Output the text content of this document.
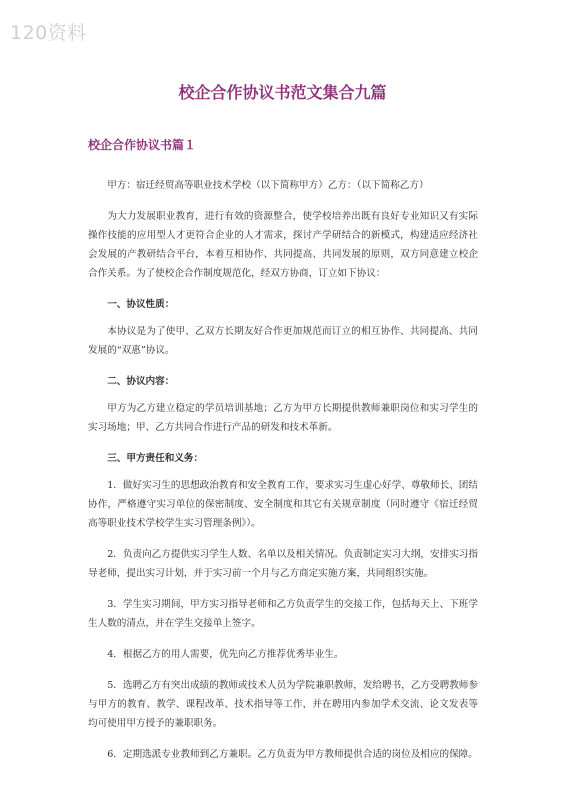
120资料
校企合作协议书范文集合九篇
校企合作协议书篇１

甲方：宿迁经贸高等职业技术学校（以下简称甲方）乙方：（以下简称乙方）

为大力发展职业教育，进行有效的资源整合，使学校培养出既有良好专业知识又有实际操作技能的应用型人才更符合企业的人才需求，探讨产学研结合的新模式，构建适应经济社会发展的产教研结合平台，本着互相协作、共同提高、共同发展的原则，双方同意建立校企合作关系。为了使校企合作制度规范化，经双方协商，订立如下协议：

一、协议性质：

本协议是为了使甲、乙双方长期友好合作更加规范而订立的相互协作、共同提高、共同发展的“双惠”协议。

二、协议内容：

甲方为乙方建立稳定的学员培训基地；乙方为甲方长期提供教师兼职岗位和实习学生的实习场地；甲、乙方共同合作进行产品的研发和技术革新。

三、甲方责任和义务：

1．做好实习生的思想政治教育和安全教育工作，要求实习生虚心好学、尊敬师长、团结协作，严格遵守实习单位的保密制度、安全制度和其它有关规章制度（同时遵守《宿迁经贸高等职业技术学校学生实习管理条例》）。

2．负责向乙方提供实习学生人数、名单以及相关情况。负责制定实习大纲，安排实习指导老师，提出实习计划，并于实习前一个月与乙方商定实施方案，共同组织实施。

3．学生实习期间，甲方实习指导老师和乙方负责学生的交接工作，包括每天上、下班学生人数的清点，并在学生交接单上签字。

4．根据乙方的用人需要，优先向乙方推荐优秀毕业生。

5．选聘乙方有突出成绩的教师或技术人员为学院兼职教师，发给聘书，乙方受聘教师参与甲方的教育、教学、课程改革、技术指导等工作，并在聘用内参加学术交流、论文发表等均可使用甲方授予的兼职职务。

6．定期选派专业教师到乙方兼职。乙方负责为甲方教师提供合适的岗位及相应的保障。
